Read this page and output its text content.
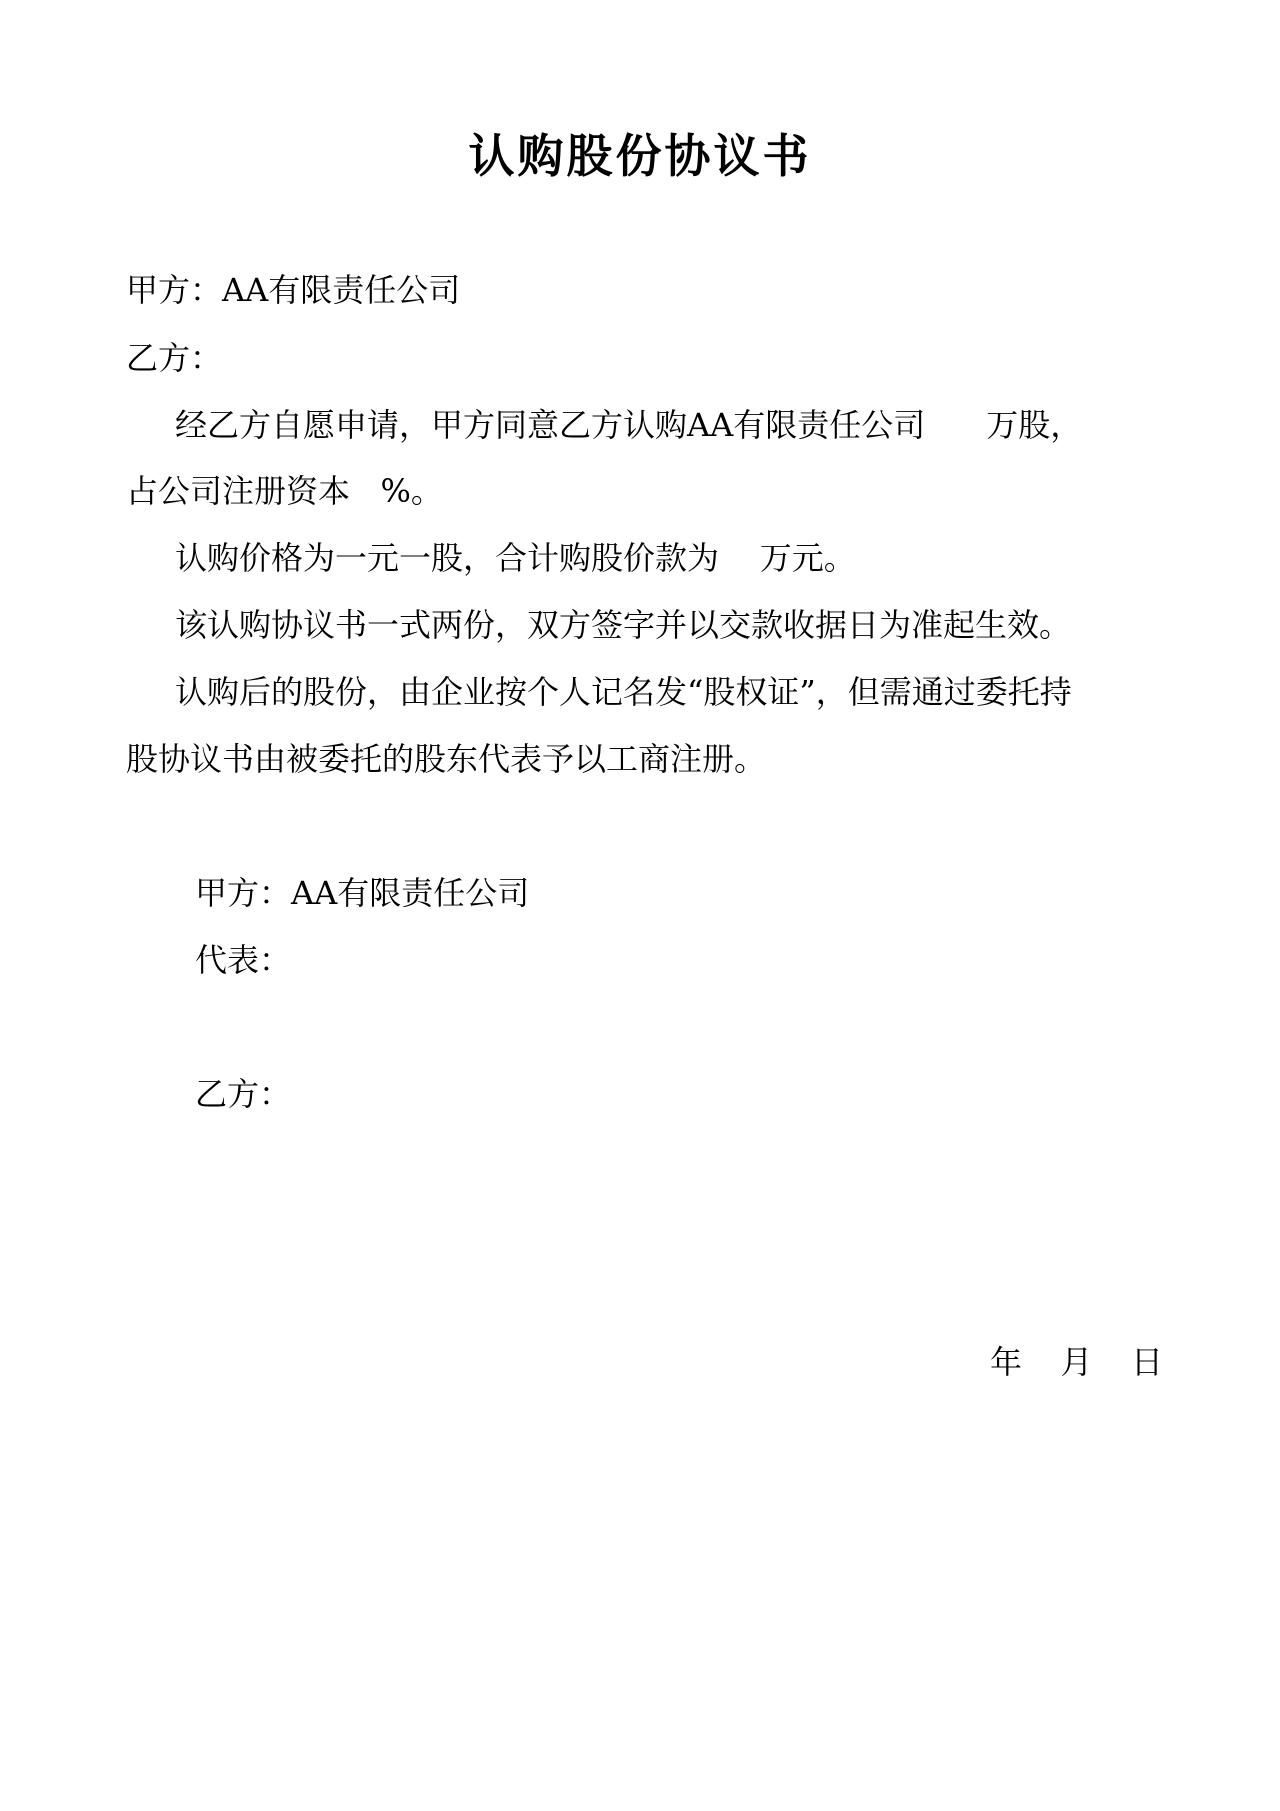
认购股份协议书

甲方：AA有限责任公司

乙方：

经乙方自愿申请，甲方同意乙方认购AA有限责任公司      万股，

占公司注册资本   %。

认购价格为一元一股，合计购股价款为    万元。

该认购协议书一式两份，双方签字并以交款收据日为准起生效。

认购后的股份，由企业按个人记名发“股权证”，但需通过委托持

股协议书由被委托的股东代表予以工商注册。

甲方：AA有限责任公司

代表：

乙方：

年   月   日
